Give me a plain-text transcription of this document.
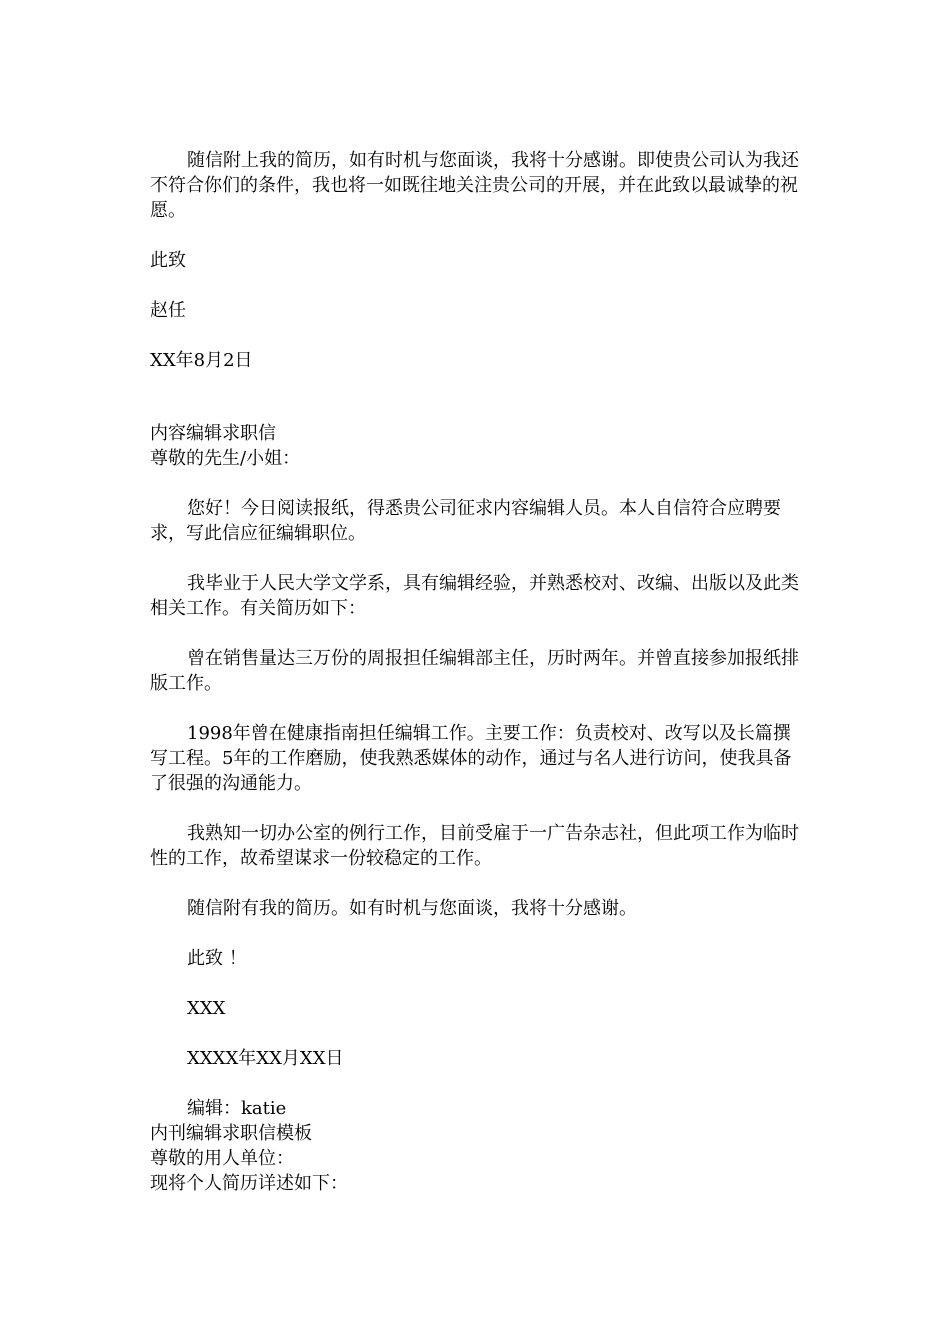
随信附上我的简历，如有时机与您面谈，我将十分感谢。即使贵公司认为我还不符合你们的条件，我也将一如既往地关注贵公司的开展，并在此致以最诚挚的祝愿。

此致

赵任

XX年8月2日

内容编辑求职信

尊敬的先生/小姐：

您好！今日阅读报纸，得悉贵公司征求内容编辑人员。本人自信符合应聘要求，写此信应征编辑职位。

我毕业于人民大学文学系，具有编辑经验，并熟悉校对、改编、出版以及此类相关工作。有关简历如下：

曾在销售量达三万份的周报担任编辑部主任，历时两年。并曾直接参加报纸排版工作。

1998年曾在健康指南担任编辑工作。主要工作：负责校对、改写以及长篇撰写工程。5年的工作磨励，使我熟悉媒体的动作，通过与名人进行访问，使我具备了很强的沟通能力。

我熟知一切办公室的例行工作，目前受雇于一广告杂志社，但此项工作为临时性的工作，故希望谋求一份较稳定的工作。

随信附有我的简历。如有时机与您面谈，我将十分感谢。

此致 ！

XXX

XXXX年XX月XX日

编辑：katie

内刊编辑求职信模板

尊敬的用人单位：

现将个人简历详述如下：
